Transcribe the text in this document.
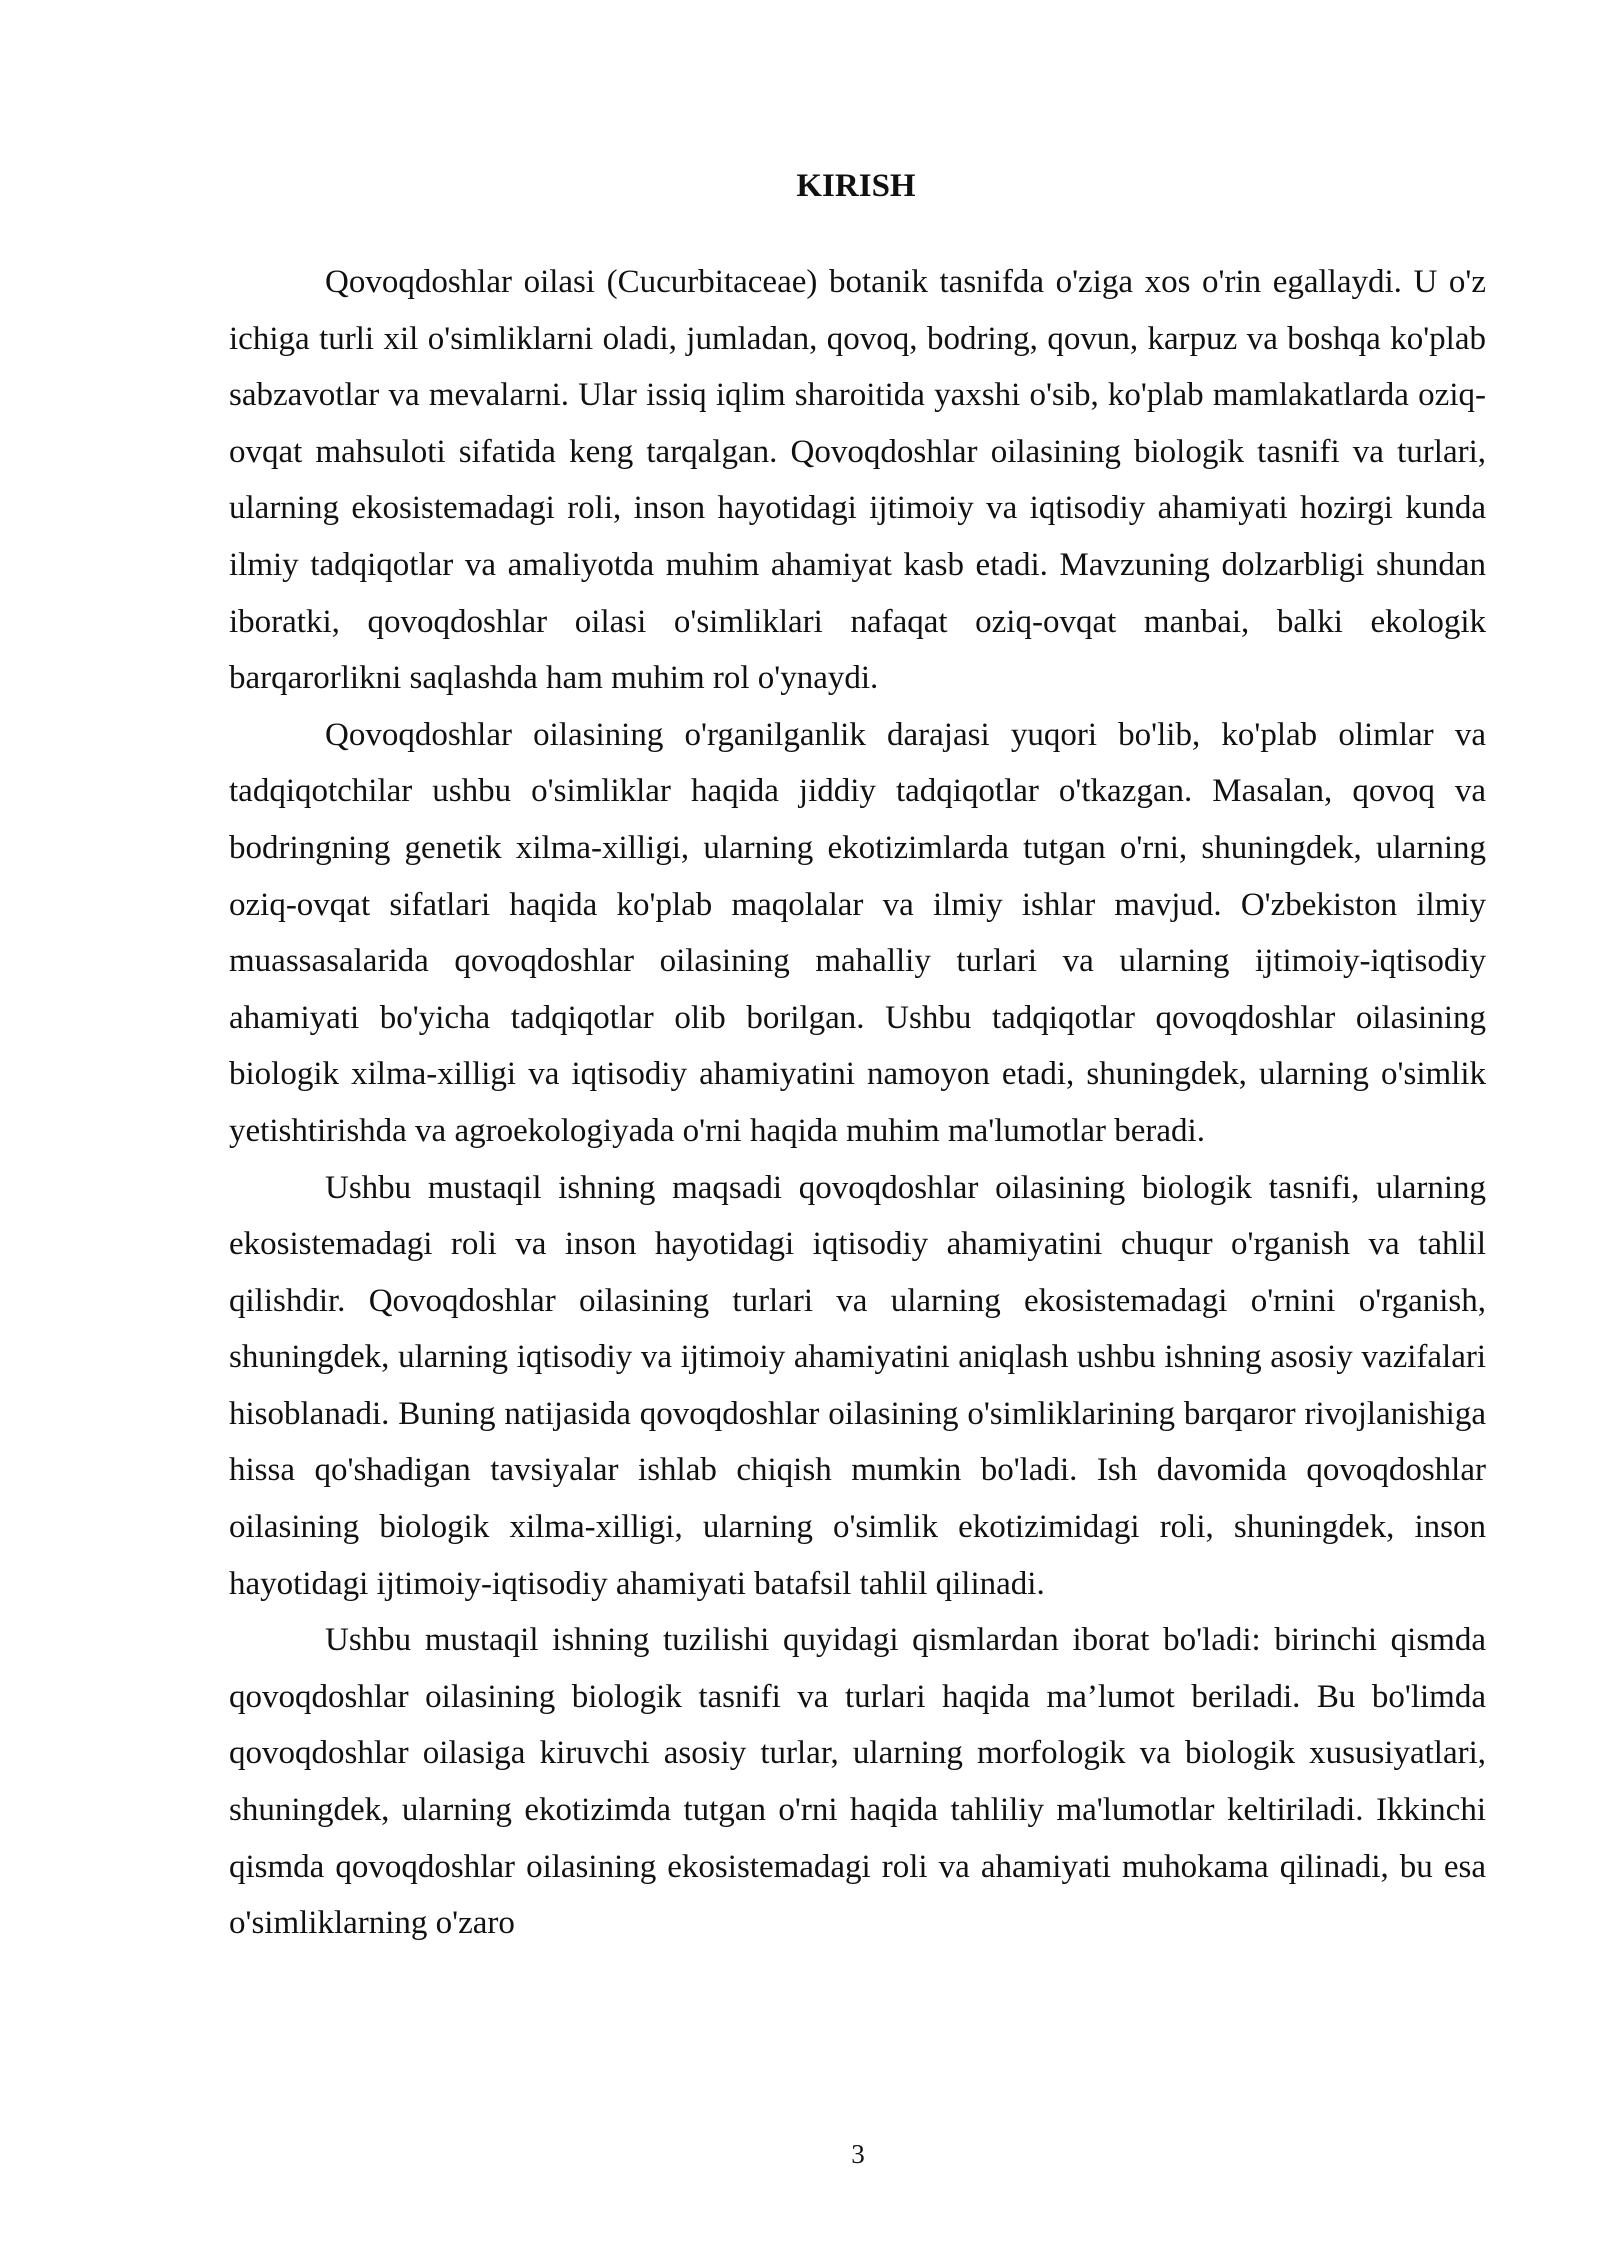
KIRISH

Qovoqdoshlar oilasi (Cucurbitaceae) botanik tasnifda o'ziga xos o'rin egallaydi. U o'z ichiga turli xil o'simliklarni oladi, jumladan, qovoq, bodring, qovun, karpuz va boshqa ko'plab sabzavotlar va mevalarni. Ular issiq iqlim sharoitida yaxshi o'sib, ko'plab mamlakatlarda oziq-ovqat mahsuloti sifatida keng tarqalgan. Qovoqdoshlar oilasining biologik tasnifi va turlari, ularning ekosistemadagi roli, inson hayotidagi ijtimoiy va iqtisodiy ahamiyati hozirgi kunda ilmiy tadqiqotlar va amaliyotda muhim ahamiyat kasb etadi. Mavzuning dolzarbligi shundan iboratki, qovoqdoshlar oilasi o'simliklari nafaqat oziq-ovqat manbai, balki ekologik barqarorlikni saqlashda ham muhim rol o'ynaydi.

Qovoqdoshlar oilasining o'rganilganlik darajasi yuqori bo'lib, ko'plab olimlar va tadqiqotchilar ushbu o'simliklar haqida jiddiy tadqiqotlar o'tkazgan. Masalan, qovoq va bodringning genetik xilma-xilligi, ularning ekotizimlarda tutgan o'rni, shuningdek, ularning oziq-ovqat sifatlari haqida ko'plab maqolalar va ilmiy ishlar mavjud. O'zbekiston ilmiy muassasalarida qovoqdoshlar oilasining mahalliy turlari va ularning ijtimoiy-iqtisodiy ahamiyati bo'yicha tadqiqotlar olib borilgan. Ushbu tadqiqotlar qovoqdoshlar oilasining biologik xilma-xilligi va iqtisodiy ahamiyatini namoyon etadi, shuningdek, ularning o'simlik yetishtirishda va agroekologiyada o'rni haqida muhim ma'lumotlar beradi.

Ushbu mustaqil ishning maqsadi qovoqdoshlar oilasining biologik tasnifi, ularning ekosistemadagi roli va inson hayotidagi iqtisodiy ahamiyatini chuqur o'rganish va tahlil qilishdir. Qovoqdoshlar oilasining turlari va ularning ekosistemadagi o'rnini o'rganish, shuningdek, ularning iqtisodiy va ijtimoiy ahamiyatini aniqlash ushbu ishning asosiy vazifalari hisoblanadi. Buning natijasida qovoqdoshlar oilasining o'simliklarining barqaror rivojlanishiga hissa qo'shadigan tavsiyalar ishlab chiqish mumkin bo'ladi. Ish davomida qovoqdoshlar oilasining biologik xilma-xilligi, ularning o'simlik ekotizimidagi roli, shuningdek, inson hayotidagi ijtimoiy-iqtisodiy ahamiyati batafsil tahlil qilinadi.

Ushbu mustaqil ishning tuzilishi quyidagi qismlardan iborat bo'ladi: birinchi qismda qovoqdoshlar oilasining biologik tasnifi va turlari haqida ma’lumot beriladi. Bu bo'limda qovoqdoshlar oilasiga kiruvchi asosiy turlar, ularning morfologik va biologik xususiyatlari, shuningdek, ularning ekotizimda tutgan o'rni haqida tahliliy ma'lumotlar keltiriladi. Ikkinchi qismda qovoqdoshlar oilasining ekosistemadagi roli va ahamiyati muhokama qilinadi, bu esa o'simliklarning o'zaro

3
